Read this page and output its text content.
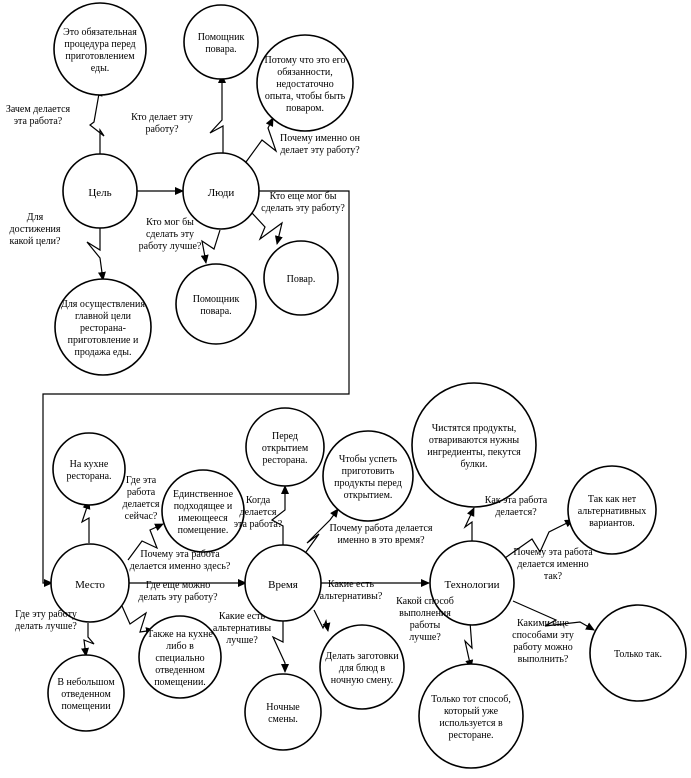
Цель	Люди
Место	Время	Технологии
Это обязательная процедура перед приготовлением еды.
Для осуществления главной цели ресторана-приготовление и продажа еды.
Помощник повара.
Потому что это его обязанности, недостаточно опыта, чтобы быть поваром.
Повар.
Помощник повара.
На кухне ресторана.
Единственное подходящее и имеющееся помещение.
Также на кухне либо в специально отведенном помещении.
В небольшом отведенном помещении
Перед открытием ресторана.	Чтобы успеть приготовить продукты перед открытием.
Делать заготовки для блюд в ночную смену.
Ночные смены.
Чистятся продукты, отвариваются нужны ингредиенты, пекутся булки.
Так как нет альтернативных вариантов.
Только так.
Только тот способ, который уже используется в ресторане.
Зачем делается эта работа?
Для достижения какой цели?
Кто делает эту работу?
Почему именно он делает эту работу?
Кто еще мог бы сделать эту работу?
Кто мог бы сделать эту работу лучше?
Где эта работа делается сейчас?
Почему эта работа делается именно здесь?
Где еще можно делать эту работу?
Где эту работу делать лучше?
Когда делается эта работа?	Почему работа делается именно в это время?
Какие есть альтернативы?
Какие есть альтернативы лучше?
Как эта работа делается?
Почему эта работа делается именно так?
Какими еще способами эту работу можно выполнить?
Какой способ выполнения работы лучше?
